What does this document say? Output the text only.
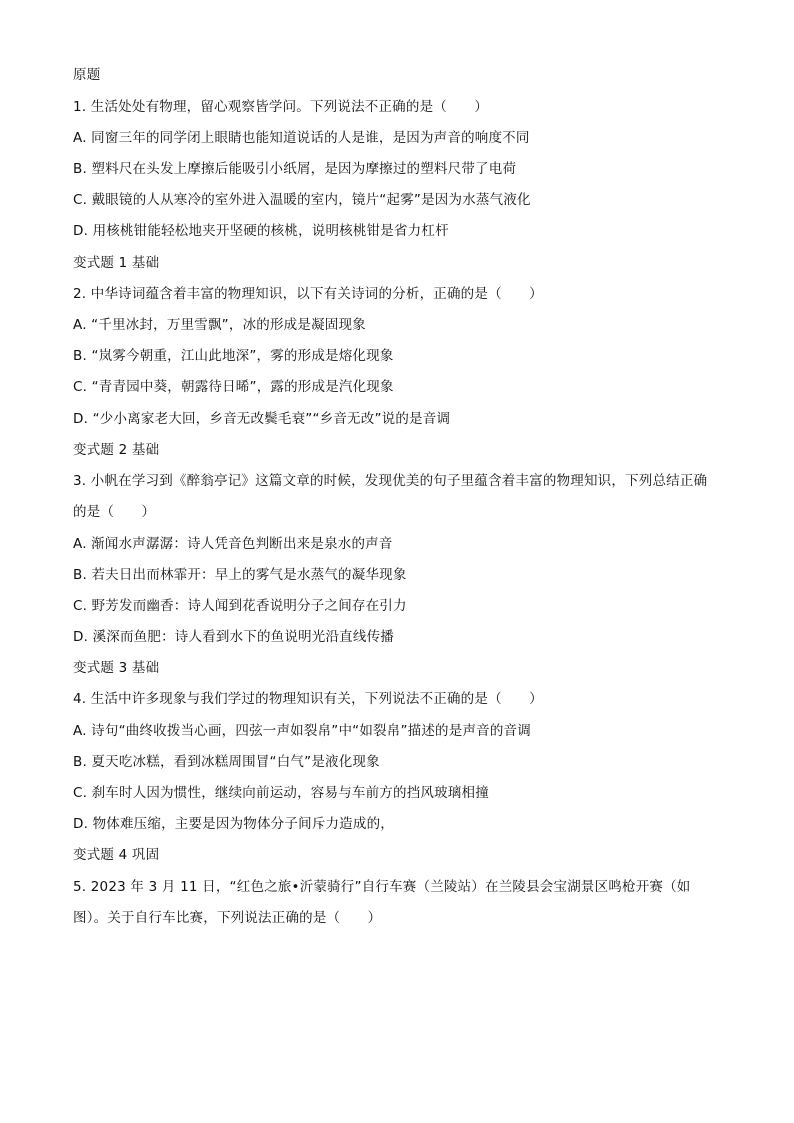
原题
1. 生活处处有物理，留心观察皆学问。下列说法不正确的是（　　）
A. 同窗三年的同学闭上眼睛也能知道说话的人是谁，是因为声音的响度不同
B. 塑料尺在头发上摩擦后能吸引小纸屑，是因为摩擦过的塑料尺带了电荷
C. 戴眼镜的人从寒冷的室外进入温暖的室内，镜片“起雾”是因为水蒸气液化
D. 用核桃钳能轻松地夹开坚硬的核桃，说明核桃钳是省力杠杆
变式题 1 基础
2. 中华诗词蕴含着丰富的物理知识，以下有关诗词的分析，正确的是（　　）
A. “千里冰封，万里雪飘”，冰的形成是凝固现象
B. “岚雾今朝重，江山此地深”，雾的形成是熔化现象
C. “青青园中葵，朝露待日晞”，露的形成是汽化现象
D. “少小离家老大回，乡音无改鬓毛衰”“乡音无改”说的是音调
变式题 2 基础
3. 小帆在学习到《醉翁亭记》这篇文章的时候，发现优美的句子里蕴含着丰富的物理知识，下列总结正确
的是（　　）
A. 渐闻水声潺潺：诗人凭音色判断出来是泉水的声音
B. 若夫日出而林霏开：早上的雾气是水蒸气的凝华现象
C. 野芳发而幽香：诗人闻到花香说明分子之间存在引力
D. 溪深而鱼肥：诗人看到水下的鱼说明光沿直线传播
变式题 3 基础
4. 生活中许多现象与我们学过的物理知识有关，下列说法不正确的是（　　）
A. 诗句“曲终收拨当心画，四弦一声如裂帛”中“如裂帛”描述的是声音的音调
B. 夏天吃冰糕，看到冰糕周围冒“白气”是液化现象
C. 刹车时人因为惯性，继续向前运动，容易与车前方的挡风玻璃相撞
D. 物体难压缩，主要是因为物体分子间斥力造成的，
变式题 4 巩固
5. 2023 年 3 月 11 日，“红色之旅•沂蒙骑行”自行车赛（兰陵站）在兰陵县会宝湖景区鸣枪开赛（如
图）。关于自行车比赛，下列说法正确的是（　　）
